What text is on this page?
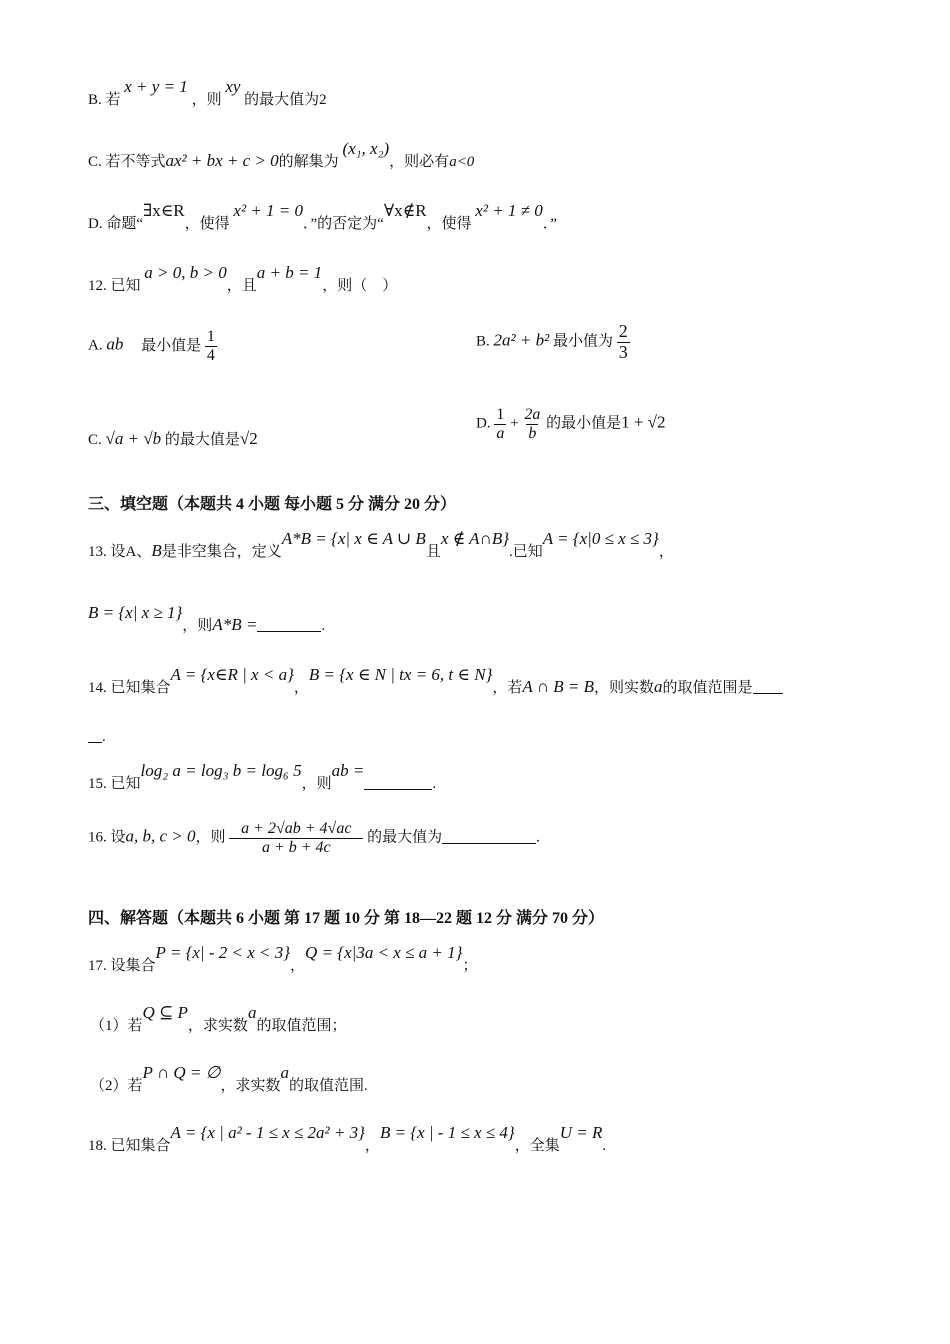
B. 若 x + y = 1 ，则 xy 的最大值为2
C. 若不等式ax² + bx + c > 0的解集为 (x₁, x₂)，则必有a<0
D. 命题“∃x∈R，使得 x² + 1 = 0．”的否定为“∀x∉R，使得 x² + 1 ≠ 0．”
12. 已知 a > 0, b > 0，且a + b = 1，则（　）
A. ab 最小值是 $\frac{1}{4}$	B. 2a² + b² 最小值为 $\frac{2}{3}$
C. √a + √b 的最大值是√2
D. $\frac{1}{a} + \frac{2a}{b}$ 的最小值是1 + √2
三、填空题（本题共 4 小题 每小题 5 分 满分 20 分）
13. 设A、B是非空集合，定义A*B = {x| x ∈ A ∪ B且x ∉ A∩B}.已知A = {x|0 ≤ x ≤ 3}，
B = {x| x ≥ 1}，则A*B =	.
14. 已知集合A = {x∈R | x < a}，B = {x ∈ N | tx = 6, t ∈ N}，若A ∩ B = B，则实数a的取值范围是
.
15. 已知log₂ a = log₃ b = log₆ 5，则ab =.
16. 设a, b, c > 0，则 $\frac{a + 2√ab + 4√ac}{a + b + 4c}$ 的最大值为	.
四、解答题（本题共 6 小题 第 17 题 10 分 第 18—22 题 12 分 满分 70 分）
17. 设集合P = {x| - 2 < x < 3}，Q = {x|3a < x ≤ a + 1}；
（1）若Q ⊆ P，求实数a的取值范围；
（2）若P ∩ Q = ∅，求实数a的取值范围.
18. 已知集合A = {x | a² - 1 ≤ x ≤ 2a² + 3}，B = {x | - 1 ≤ x ≤ 4}，全集U = R.
